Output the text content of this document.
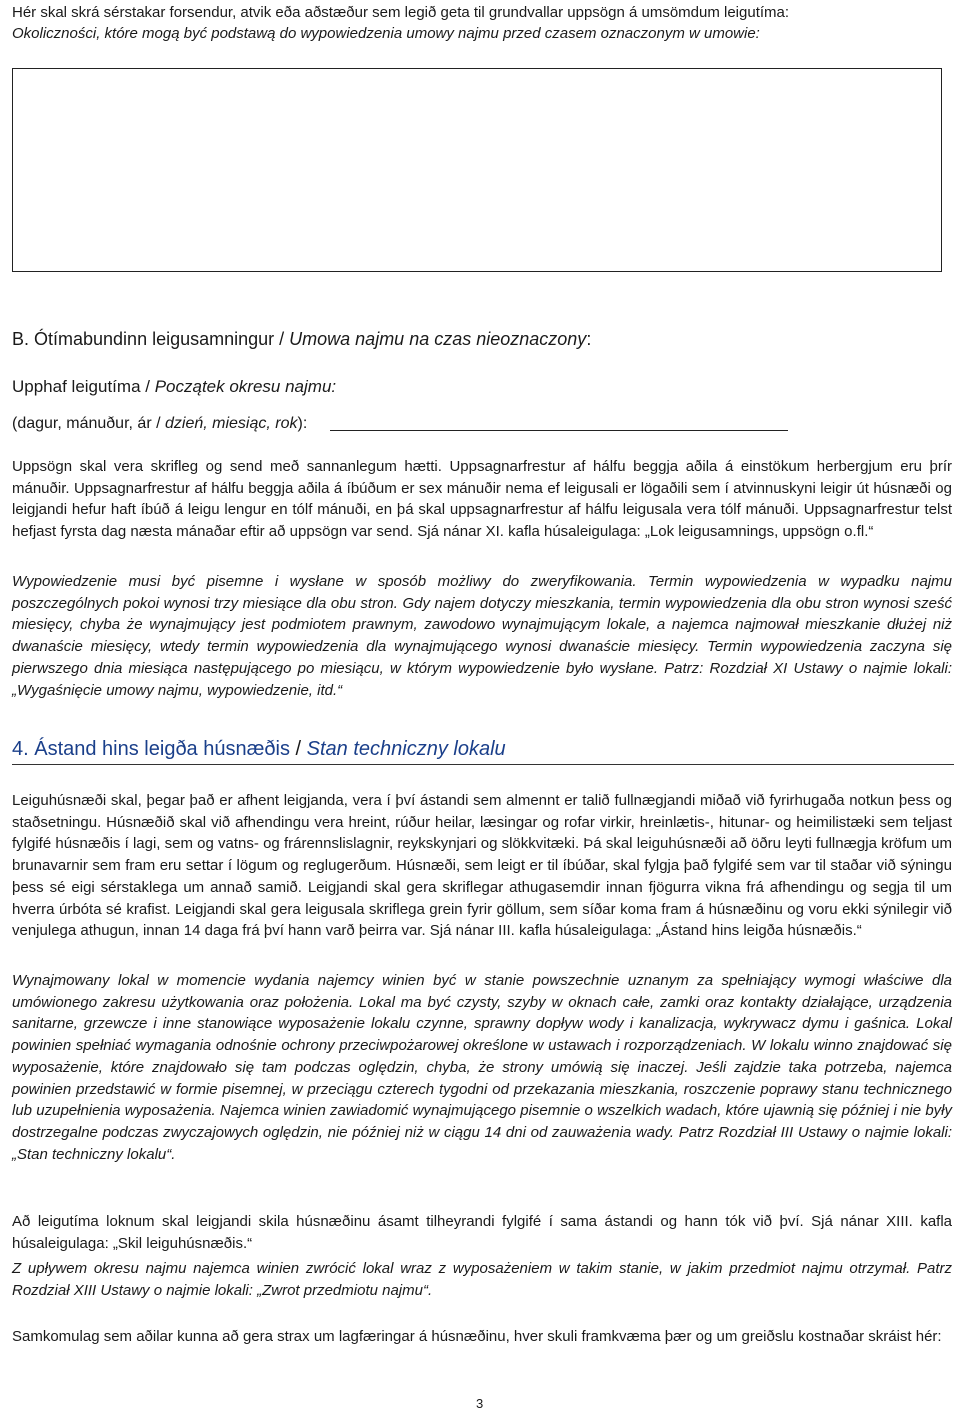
Hér skal skrá sérstakar forsendur, atvik eða aðstæður sem legið geta til grundvallar uppsögn á umsömdum leigutíma:
Okoliczności, które mogą być podstawą do wypowiedzenia umowy najmu przed czasem oznaczonym w umowie:
B. Ótímabundinn leigusamningur / Umowa najmu na czas nieoznaczony:
Upphaf leigutíma / Początek okresu najmu:
(dagur, mánuður, ár / dzień, miesiąc, rok):
Uppsögn skal vera skrifleg og send með sannanlegum hætti. Uppsagnarfrestur af hálfu beggja aðila á einstökum herbergjum eru þrír mánuðir. Uppsagnarfrestur af hálfu beggja aðila á íbúðum er sex mánuðir nema ef leigusali er lögaðili sem í atvinnuskyni leigir út húsnæði og leigjandi hefur haft íbúð á leigu lengur en tólf mánuði, en þá skal uppsagnarfrestur af hálfu leigusala vera tólf mánuði. Uppsagnarfrestur telst hefjast fyrsta dag næsta mánaðar eftir að uppsögn var send. Sjá nánar XI. kafla húsaleigulaga: „Lok leigusamnings, uppsögn o.fl.“
Wypowiedzenie musi być pisemne i wysłane w sposób możliwy do zweryfikowania. Termin wypowiedzenia w wypadku najmu poszczególnych pokoi wynosi trzy miesiące dla obu stron. Gdy najem dotyczy mieszkania, termin wypowiedzenia dla obu stron wynosi sześć miesięcy, chyba że wynajmujący jest podmiotem prawnym, zawodowo wynajmującym lokale, a najemca najmował mieszkanie dłużej niż dwanaście miesięcy, wtedy termin wypowiedzenia dla wynajmującego wynosi dwanaście miesięcy. Termin wypowiedzenia zaczyna się pierwszego dnia miesiąca następującego po miesiącu, w którym wypowiedzenie było wysłane. Patrz: Rozdział XI Ustawy o najmie lokali: „Wygaśnięcie umowy najmu, wypowiedzenie, itd.“
4. Ástand hins leigða húsnæðis / Stan techniczny lokalu
Leiguhúsnæði skal, þegar það er afhent leigjanda, vera í því ástandi sem almennt er talið fullnægjandi miðað við fyrirhugaða notkun þess og staðsetningu. Húsnæðið skal við afhendingu vera hreint, rúður heilar, læsingar og rofar virkir, hreinlætis-, hitunar- og heimilistæki sem teljast fylgifé húsnæðis í lagi, sem og vatns- og frárennslislagnir, reykskynjari og slökkvitæki. Þá skal leiguhúsnæði að öðru leyti fullnægja kröfum um brunavarnir sem fram eru settar í lögum og reglugerðum. Húsnæði, sem leigt er til íbúðar, skal fylgja það fylgifé sem var til staðar við sýningu þess sé eigi sérstaklega um annað samið. Leigjandi skal gera skriflegar athugasemdir innan fjögurra vikna frá afhendingu og segja til um hverra úrbóta sé krafist. Leigjandi skal gera leigusala skriflega grein fyrir göllum, sem síðar koma fram á húsnæðinu og voru ekki sýnilegir við venjulega athugun, innan 14 daga frá því hann varð þeirra var. Sjá nánar III. kafla húsaleigulaga: „Ástand hins leigða húsnæðis.“
Wynajmowany lokal w momencie wydania najemcy winien być w stanie powszechnie uznanym za spełniający wymogi właściwe dla umówionego zakresu użytkowania oraz położenia. Lokal ma być czysty, szyby w oknach całe, zamki oraz kontakty działające, urządzenia sanitarne, grzewcze i inne stanowiące wyposażenie lokalu czynne, sprawny dopływ wody i kanalizacja, wykrywacz dymu i gaśnica. Lokal powinien spełniać wymagania odnośnie ochrony przeciwpożarowej określone w ustawach i rozporządzeniach. W lokalu winno znajdować się wyposażenie, które znajdowało się tam podczas oględzin, chyba, że strony umówią się inaczej. Jeśli zajdzie taka potrzeba, najemca powinien przedstawić w formie pisemnej, w przeciągu czterech tygodni od przekazania mieszkania, roszczenie poprawy stanu technicznego lub uzupełnienia wyposażenia. Najemca winien zawiadomić wynajmującego pisemnie o wszelkich wadach, które ujawnią się później i nie były dostrzegalne podczas zwyczajowych oględzin, nie później niż w ciągu 14 dni od zauważenia wady. Patrz Rozdział III Ustawy o najmie lokali: „Stan techniczny lokalu“.
Að leigutíma loknum skal leigjandi skila húsnæðinu ásamt tilheyrandi fylgifé í sama ástandi og hann tók við því. Sjá nánar XIII. kafla húsaleigulaga: „Skil leiguhúsnæðis.“
Z upływem okresu najmu najemca winien zwrócić lokal wraz z wyposażeniem w takim stanie, w jakim przedmiot najmu otrzymał. Patrz Rozdział XIII Ustawy o najmie lokali: „Zwrot przedmiotu najmu“.
Samkomulag sem aðilar kunna að gera strax um lagfæringar á húsnæðinu, hver skuli framkvæma þær og um greiðslu kostnaðar skráist hér:
3
